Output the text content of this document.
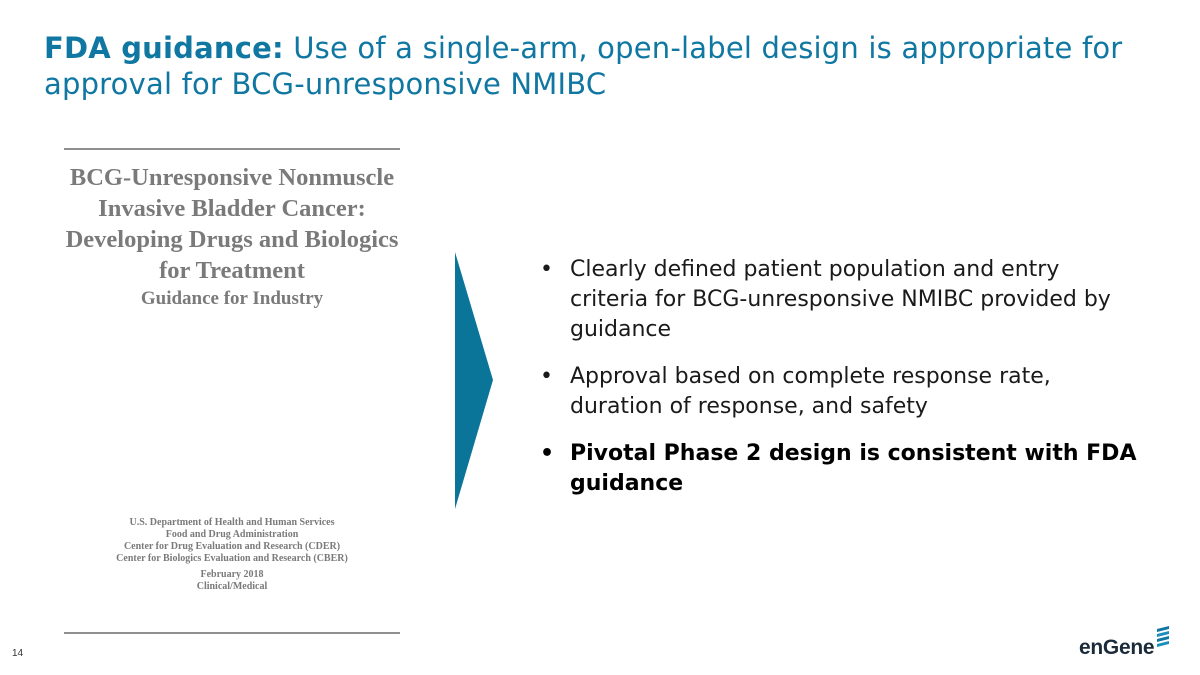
FDA guidance: Use of a single-arm, open-label design is appropriate for approval for BCG-unresponsive NMIBC
BCG-Unresponsive Nonmuscle Invasive Bladder Cancer: Developing Drugs and Biologics for Treatment
Guidance for Industry
U.S. Department of Health and Human Services
Food and Drug Administration
Center for Drug Evaluation and Research (CDER)
Center for Biologics Evaluation and Research (CBER)
February 2018
Clinical/Medical
• Clearly defined patient population and entry criteria for BCG-unresponsive NMIBC provided by guidance
• Approval based on complete response rate, duration of response, and safety
• Pivotal Phase 2 design is consistent with FDA guidance
14	enGene
